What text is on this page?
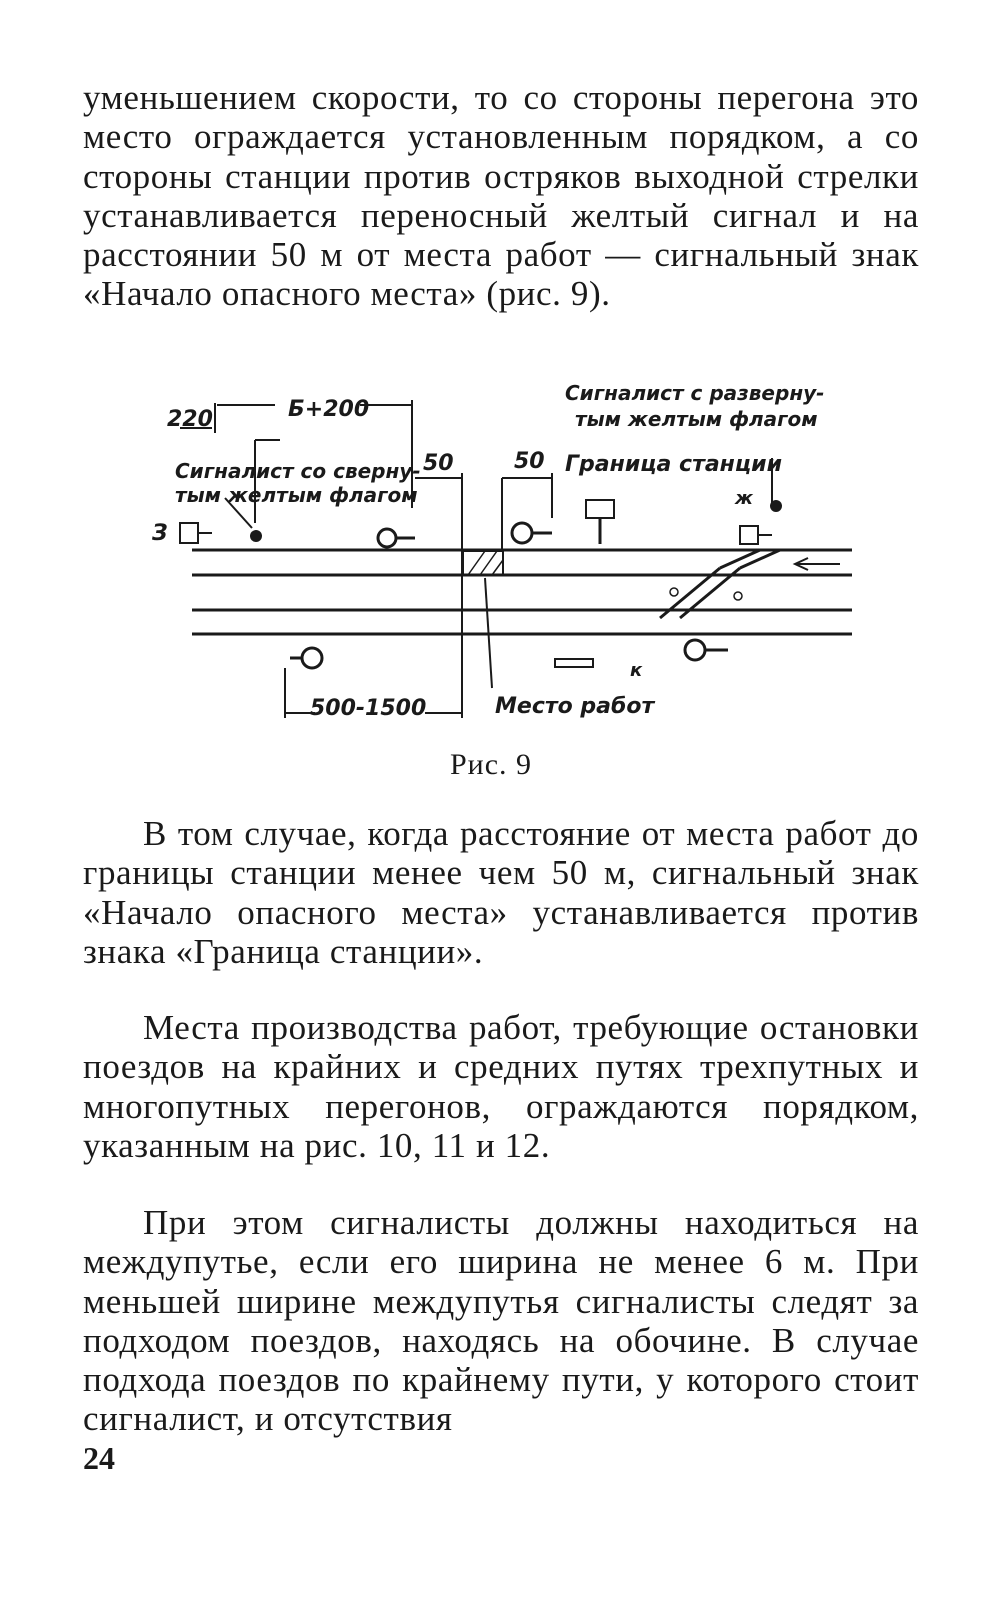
уменьшением скорости, то со стороны перегона это место ограждается установленным порядком, а со стороны станции против остряков выходной стрелки устанавливается переносный желтый сигнал и на расстоянии 50 м от места работ — сигнальный знак «Начало опасного места» (рис. 9).

220	Б+200
50	50
500-1500
Сигналист со сверну-
тым желтым флагом
Сигналист с разверну-
тым желтым флагом
Граница станции
Место работ
З
ж
к
Рис. 9

В том случае, когда расстояние от места работ до границы станции менее чем 50 м, сигнальный знак «Начало опасного места» устанавливается против знака «Граница станции».

Места производства работ, требующие остановки поездов на крайних и средних путях трехпутных и многопутных перегонов, ограждаются порядком, указанным на рис. 10, 11 и 12.

При этом сигналисты должны находиться на междупутье, если его ширина не менее 6 м. При меньшей ширине междупутья сигналисты следят за подходом поездов, находясь на обочине. В случае подхода поездов по крайнему пути, у которого стоит сигналист, и отсутствия

24
